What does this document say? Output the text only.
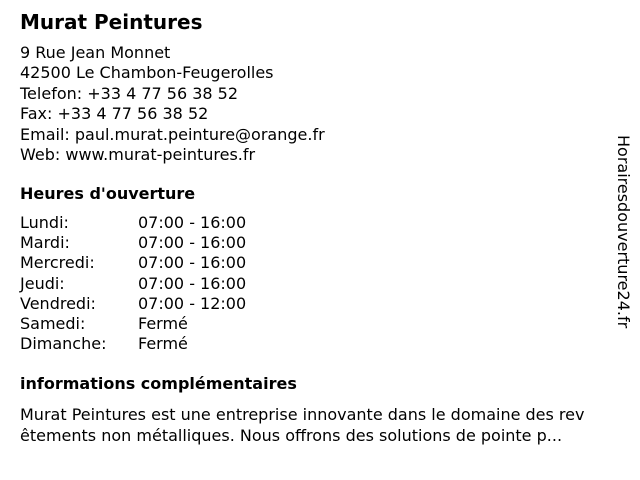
Murat Peintures
9 Rue Jean Monnet
42500 Le Chambon-Feugerolles
Telefon: +33 4 77 56 38 52
Fax: +33 4 77 56 38 52
Email: paul.murat.peinture@orange.fr
Web: www.murat-peintures.fr
Heures d'ouverture
Lundi:	07:00 - 16:00
Mardi:	07:00 - 16:00
Mercredi:	07:00 - 16:00
Jeudi:	07:00 - 16:00
Vendredi:	07:00 - 12:00
Samedi:	Fermé
Dimanche:	Fermé
informations complémentaires
Murat Peintures est une entreprise innovante dans le domaine des rev
êtements non métalliques. Nous offrons des solutions de pointe p...
Horairesdouverture24.fr
